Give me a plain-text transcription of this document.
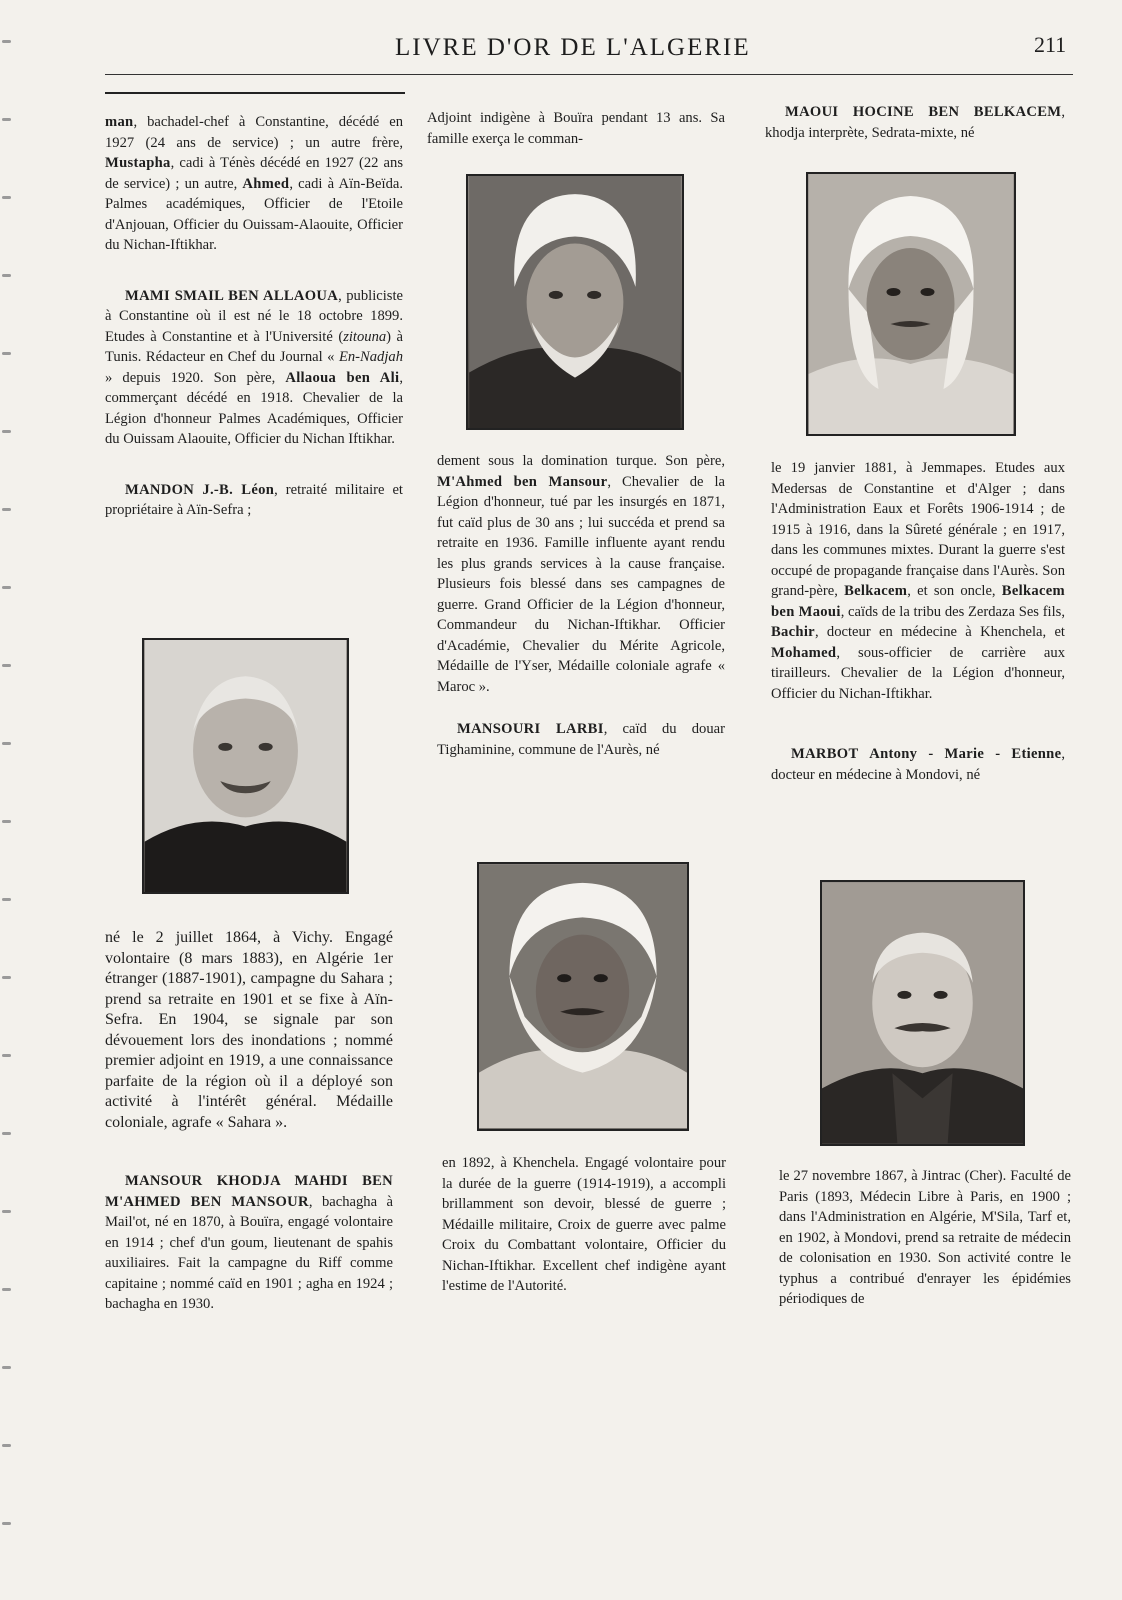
LIVRE D'OR DE L'ALGERIE	211

man, bachadel-chef à Constantine, décédé en 1927 (24 ans de service) ; un autre frère, Mustapha, cadi à Ténès décédé en 1927 (22 ans de service) ; un autre, Ahmed, cadi à Aïn-Beïda. Palmes académiques, Officier de l'Etoile d'Anjouan, Officier du Ouissam-Alaouite, Officier du Nichan-Iftikhar.

MAMI SMAIL BEN ALLAOUA, publiciste à Constantine où il est né le 18 octobre 1899. Etudes à Constantine et à l'Université (zitouna) à Tunis. Rédacteur en Chef du Journal « En-Nadjah » depuis 1920. Son père, Allaoua ben Ali, commerçant décédé en 1918. Chevalier de la Légion d'honneur Palmes Académiques, Officier du Ouissam Alaouite, Officier du Nichan Iftikhar.

MANDON J.-B. Léon, retraité militaire et propriétaire à Aïn-Sefra ;

né le 2 juillet 1864, à Vichy. Engagé volontaire (8 mars 1883), en Algérie 1er étranger (1887-1901), campagne du Sahara ; prend sa retraite en 1901 et se fixe à Aïn-Sefra. En 1904, se signale par son dévouement lors des inondations ; nommé premier adjoint en 1919, a une connaissance parfaite de la région où il a déployé son activité à l'intérêt général. Médaille coloniale, agrafe « Sahara ».

MANSOUR KHODJA MAHDI BEN M'AHMED BEN MANSOUR, bachagha à Mail'ot, né en 1870, à Bouïra, engagé volontaire en 1914 ; chef d'un goum, lieutenant de spahis auxiliaires. Fait la campagne du Riff comme capitaine ; nommé caïd en 1901 ; agha en 1924 ; bachagha en 1930.

Adjoint indigène à Bouïra pendant 13 ans. Sa famille exerça le comman-

dement sous la domination turque. Son père, M'Ahmed ben Mansour, Chevalier de la Légion d'honneur, tué par les insurgés en 1871, fut caïd plus de 30 ans ; lui succéda et prend sa retraite en 1936. Famille influente ayant rendu les plus grands services à la cause française. Plusieurs fois blessé dans ses campagnes de guerre. Grand Officier de la Légion d'honneur, Commandeur du Nichan-Iftikhar. Officier d'Académie, Chevalier du Mérite Agricole, Médaille de l'Yser, Médaille coloniale agrafe « Maroc ».

MANSOURI LARBI, caïd du douar Tighaminine, commune de l'Aurès, né

en 1892, à Khenchela. Engagé volontaire pour la durée de la guerre (1914-1919), a accompli brillamment son devoir, blessé de guerre ; Médaille militaire, Croix de guerre avec palme Croix du Combattant volontaire, Officier du Nichan-Iftikhar. Excellent chef indigène ayant l'estime de l'Autorité.

MAOUI HOCINE BEN BELKACEM, khodja interprète, Sedrata-mixte, né

le 19 janvier 1881, à Jemmapes. Etudes aux Medersas de Constantine et d'Alger ; dans l'Administration Eaux et Forêts 1906-1914 ; de 1915 à 1916, dans la Sûreté générale ; en 1917, dans les communes mixtes. Durant la guerre s'est occupé de propagande française dans l'Aurès. Son grand-père, Belkacem, et son oncle, Belkacem ben Maoui, caïds de la tribu des Zerdaza Ses fils, Bachir, docteur en médecine à Khenchela, et Mohamed, sous-officier de carrière aux tirailleurs. Chevalier de la Légion d'honneur, Officier du Nichan-Iftikhar.

MARBOT Antony - Marie - Etienne, docteur en médecine à Mondovi, né

le 27 novembre 1867, à Jintrac (Cher). Faculté de Paris (1893, Médecin Libre à Paris, en 1900 ; dans l'Administration en Algérie, M'Sila, Tarf et, en 1902, à Mondovi, prend sa retraite de médecin de colonisation en 1930. Son activité contre le typhus a contribué d'enrayer les épidémies périodiques de
